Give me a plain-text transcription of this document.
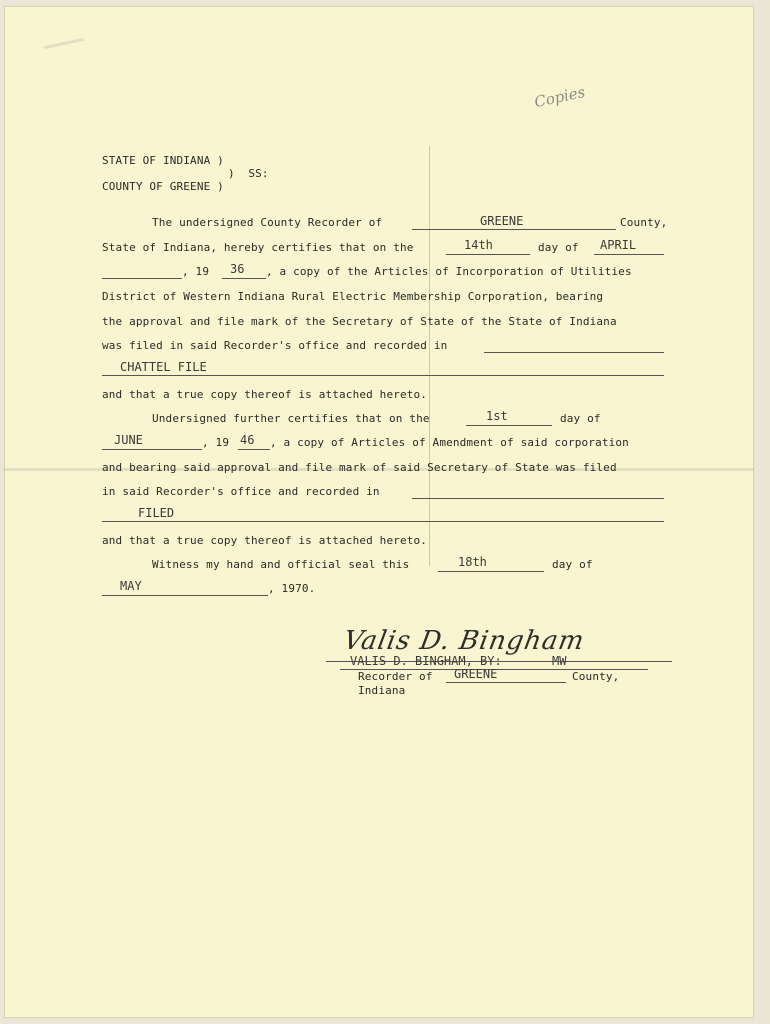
Copies
STATE OF INDIANA )
)  SS:
COUNTY OF GREENE )
The undersigned County Recorder of	GREENE	County,
State of Indiana, hereby certifies that on the	14th	day of APRIL
, 19 36 , a copy of the Articles of Incorporation of Utilities
District of Western Indiana Rural Electric Membership Corporation, bearing
the approval and file mark of the Secretary of State of the State of Indiana
was filed in said Recorder's office and recorded in
CHATTEL FILE
and that a true copy thereof is attached hereto.
Undersigned further certifies that on the	1st	day of
JUNE	, 19 46 , a copy of Articles of Amendment of said corporation
and bearing said approval and file mark of said Secretary of State was filed
in said Recorder's office and recorded in
FILED
and that a true copy thereof is attached hereto.
Witness my hand and official seal this	18th	day of
MAY	, 1970.
Valis D. Bingham
VALIS D. BINGHAM, BY:	MW
Recorder of GREENE	County,
Indiana
